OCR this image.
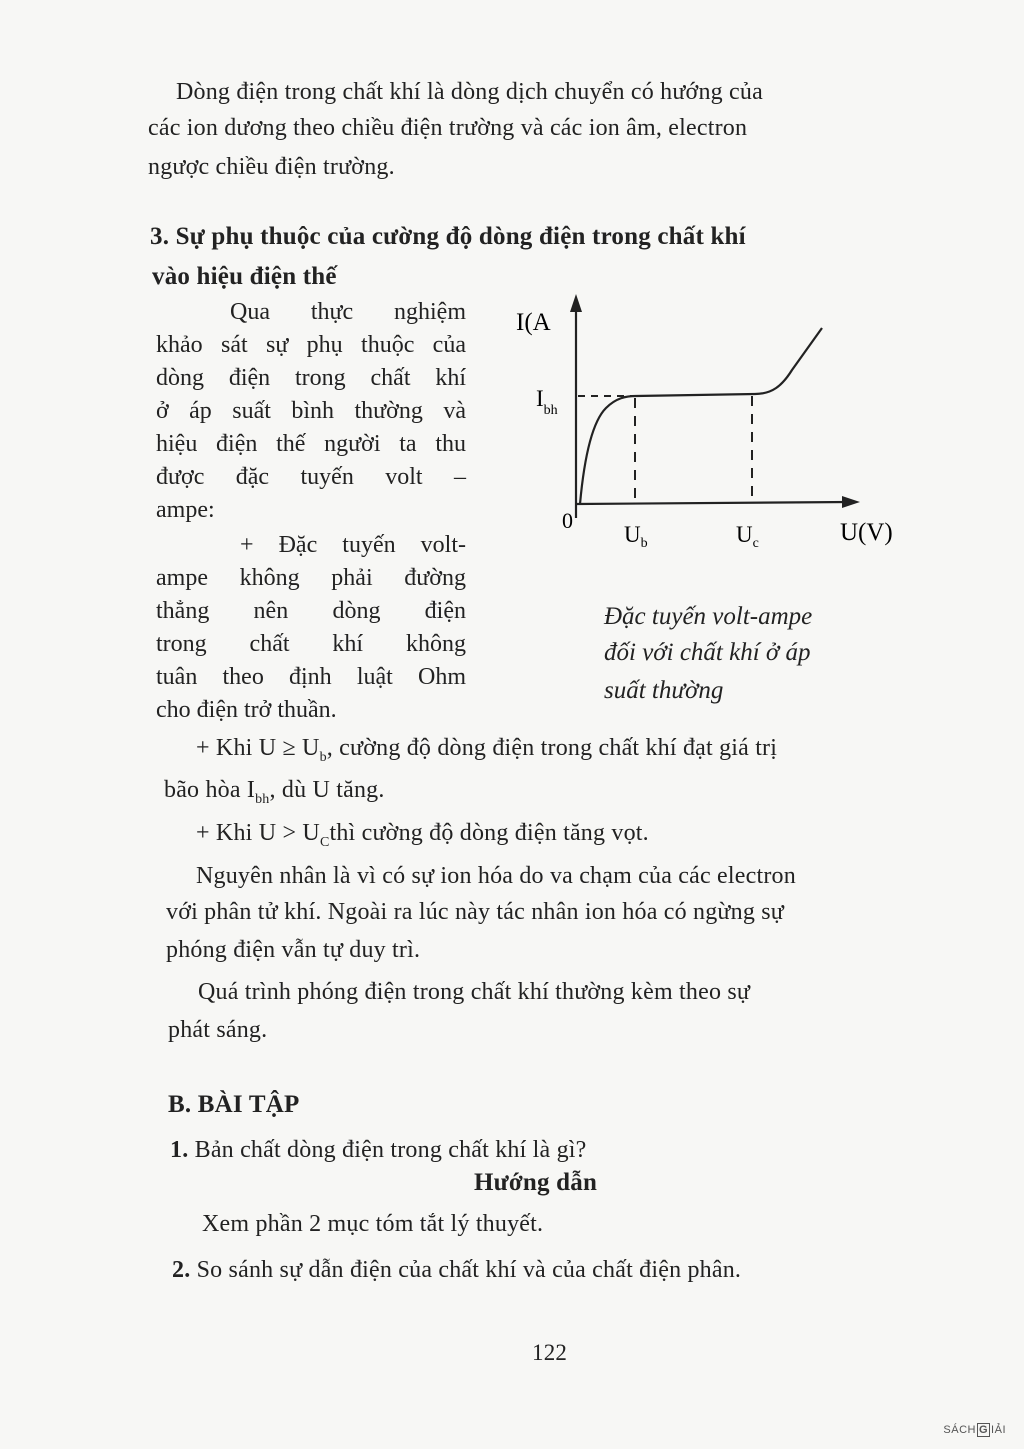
Dòng điện trong chất khí là dòng dịch chuyển có hướng của
các ion dương theo chiều điện trường và các ion âm, electron
ngược chiều điện trường.
3. Sự phụ thuộc của cường độ dòng điện trong chất khí
vào hiệu điện thế
Qua thực nghiệm
khảo sát sự phụ thuộc của
dòng điện trong chất khí
ở áp suất bình thường và
hiệu điện thế người ta thu
được đặc tuyến volt –
ampe:
+ Đặc tuyến volt-
ampe không phải đường
thẳng nên dòng điện
trong chất khí không
tuân theo định luật Ohm
cho điện trở thuần.
I(A
$I_{bh}$
0
$U_b$	$U_c$	U(V)
Đặc tuyến volt-ampe
đối với chất khí ở áp
suất thường
+ Khi $U \ge U_b$, cường độ dòng điện trong chất khí đạt giá trị
bão hòa $I_{bh}$, dù U tăng.
+ Khi $U > U_Cthì$ cường độ dòng điện tăng vọt.
Nguyên nhân là vì có sự ion hóa do va chạm của các electron
với phân tử khí. Ngoài ra lúc này tác nhân ion hóa có ngừng sự
phóng điện vẫn tự duy trì.
Quá trình phóng điện trong chất khí thường kèm theo sự
phát sáng.
B. BÀI TẬP
1. Bản chất dòng điện trong chất khí là gì?
Hướng dẫn
Xem phần 2 mục tóm tắt lý thuyết.
2. So sánh sự dẫn điện của chất khí và của chất điện phân.
122
SÁCH G IẢI
